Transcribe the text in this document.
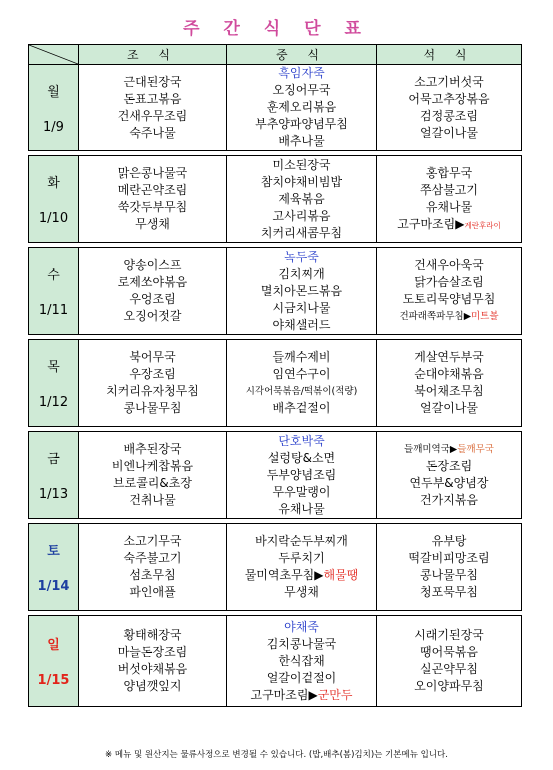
주 간 식 단 표
	조 식	중 식	석 식

월
1/9	근대된장국
돈표고볶음
건새우무조림
숙주나물	흑임자죽
오징어무국
훈제오리볶음
부추양파양념무침
배추나물	소고기버섯국
어묵고추장볶음
검정콩조림
얼갈이나물

화
1/10	맑은콩나물국
메란곤약조림
쑥갓두부무침
무생채	미소된장국
참치야채비빔밥
제육볶음
고사리볶음
치커리새콤무침	홍합무국
쭈삼불고기
유채나물
고구마조림▶계란후라이

수
1/11	양송이스프
로제쏘야볶음
우엉조림
오징어젓갈	녹두죽
김치찌개
멸치아몬드볶음
시금치나물
야채샐러드	건새우아욱국
닭가슴살조림
도토리묵양념무침
건파래쪽파무침▶미트볼

목
1/12	북어무국
우장조림
치커리유자청무침
콩나물무침	들깨수제비
임연수구이
시각어묵볶음/떡볶이(적량)
배추겉절이	게살연두부국
순대야채볶음
북어채조무침
얼갈이나물

금
1/13	배추된장국
비엔나케찹볶음
브로콜리&초장
건취나물	단호박죽
설렁탕&소면
두부양념조림
무우말랭이
유채나물	들깨미역국▶들깨무국
돈장조림
연두부&양념장
건가지볶음

토
1/14	소고기무국
숙주불고기
섬초무침
파인애플	바지락순두부찌개
두루치기
물미역초무침▶해물땡
무생채	유부탕
떡갈비피망조림
콩나물무침
청포묵무침

일
1/15	황태해장국
마늘돈장조림
버섯야채볶음
양념깻잎지	야채죽
김치콩나물국
한식잡채
얼갈이겉절이
고구마조림▶군만두	시래기된장국
땡어묵볶음
실곤약무침
오이양파무침
※ 메뉴 및 원산지는 물류사정으로 변경될 수 있습니다. (밥,배추(봄)김치)는 기본메뉴 입니다.
